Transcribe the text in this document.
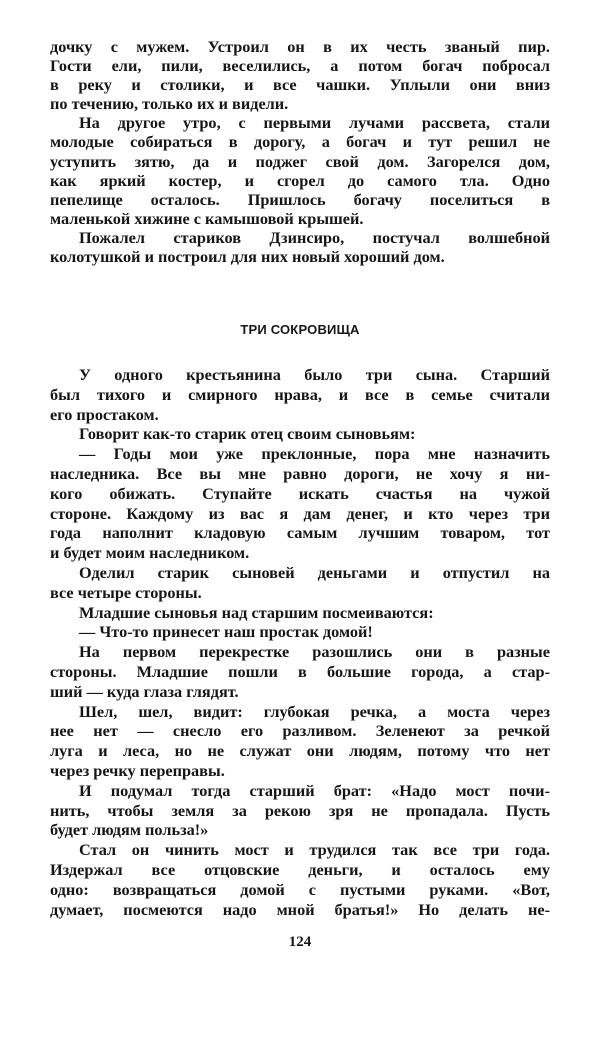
дочку с мужем. Устроил он в их честь званый пир.
Гости ели, пили, веселились, а потом богач побросал
в реку и столики, и все чашки. Уплыли они вниз
по течению, только их и видели.
На другое утро, с первыми лучами рассвета, стали
молодые собираться в дорогу, а богач и тут решил не
уступить зятю, да и поджег свой дом. Загорелся дом,
как яркий костер, и сгорел до самого тла. Одно
пепелище осталось. Пришлось богачу поселиться в
маленькой хижине с камышовой крышей.
Пожалел стариков Дзинсиро, постучал волшебной
колотушкой и построил для них новый хороший дом.
ТРИ СОКРОВИЩА
У одного крестьянина было три сына. Старший
был тихого и смирного нрава, и все в семье считали
его простаком.
Говорит как-то старик отец своим сыновьям:
— Годы мои уже преклонные, пора мне назначить
наследника. Все вы мне равно дороги, не хочу я ни-
кого обижать. Ступайте искать счастья на чужой
стороне. Каждому из вас я дам денег, и кто через три
года наполнит кладовую самым лучшим товаром, тот
и будет моим наследником.
Оделил старик сыновей деньгами и отпустил на
все четыре стороны.
Младшие сыновья над старшим посмеиваются:
— Что-то принесет наш простак домой!
На первом перекрестке разошлись они в разные
стороны. Младшие пошли в большие города, а стар-
ший — куда глаза глядят.
Шел, шел, видит: глубокая речка, а моста через
нее нет — снесло его разливом. Зеленеют за речкой
луга и леса, но не служат они людям, потому что нет
через речку переправы.
И подумал тогда старший брат: «Надо мост почи-
нить, чтобы земля за рекою зря не пропадала. Пусть
будет людям польза!»
Стал он чинить мост и трудился так все три года.
Издержал все отцовские деньги, и осталось ему
одно: возвращаться домой с пустыми руками. «Вот,
думает, посмеются надо мной братья!» Но делать не-
124
